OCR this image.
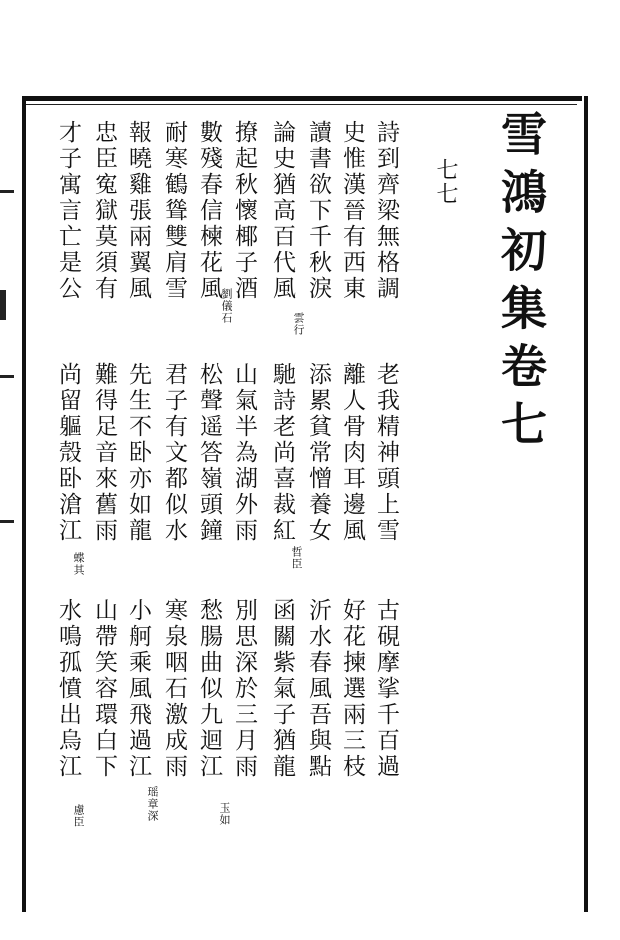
雪鴻初集卷七
七七
詩到齊梁無格調
老我精神頭上雪
古硯摩挲千百過
史惟漢晉有西東
離人骨肉耳邊風
好花揀選兩三枝
讀書欲下千秋淚
添累貧常憎養女
沂水春風吾與點
論史猶高百代風
馳詩老尚喜裁紅
函關紫氣子猶龍
撩起秋懷椰子酒
山氣半為湖外雨
別思深於三月雨
數殘春信楝花風
松聲遥答嶺頭鐘
愁腸曲似九迴江
耐寒鶴聳雙肩雪
君子有文都似水
寒泉咽石激成雨
報曉雞張兩翼風
先生不卧亦如龍
小舸乘風飛過江
忠臣寃獄莫須有
難得足音來舊雨
山帶笑容環白下
才子寓言亡是公
尚留軀殼卧滄江
水鳴孤憤出烏江
雲行
劉儀石
哲臣
蝶其
玉如
瑶章深
慮臣
